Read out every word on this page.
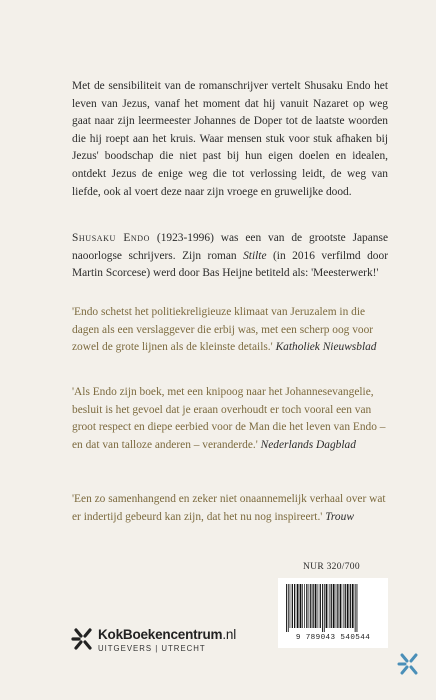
Met de sensibiliteit van de romanschrijver vertelt Shusaku Endo het leven van Jezus, vanaf het moment dat hij vanuit Nazaret op weg gaat naar zijn leermeester Johannes de Doper tot de laatste woorden die hij roept aan het kruis. Waar mensen stuk voor stuk afhaken bij Jezus' boodschap die niet past bij hun eigen doelen en idealen, ontdekt Jezus de enige weg die tot verlossing leidt, de weg van liefde, ook al voert deze naar zijn vroege en gruwelijke dood.

Shusaku Endo (1923-1996) was een van de grootste Japanse naoorlogse schrijvers. Zijn roman Stilte (in 2016 verfilmd door Martin Scorcese) werd door Bas Heijne betiteld als: 'Meesterwerk!'

'Endo schetst het politiekreligieuze klimaat van Jeruzalem in die dagen als een verslaggever die erbij was, met een scherp oog voor zowel de grote lijnen als de kleinste details.' Katholiek Nieuwsblad

'Als Endo zijn boek, met een knipoog naar het Johannesevangelie, besluit is het gevoel dat je eraan overhoudt er toch vooral een van groot respect en diepe eerbied voor de Man die het leven van Endo – en dat van talloze anderen – veranderde.' Nederlands Dagblad

'Een zo samenhangend en zeker niet onaannemelijk verhaal over wat er indertijd gebeurd kan zijn, dat het nu nog inspireert.' Trouw

NUR 320/700
9 789043 540544
KokBoekencentrum.nl
UITGEVERS | UTRECHT
